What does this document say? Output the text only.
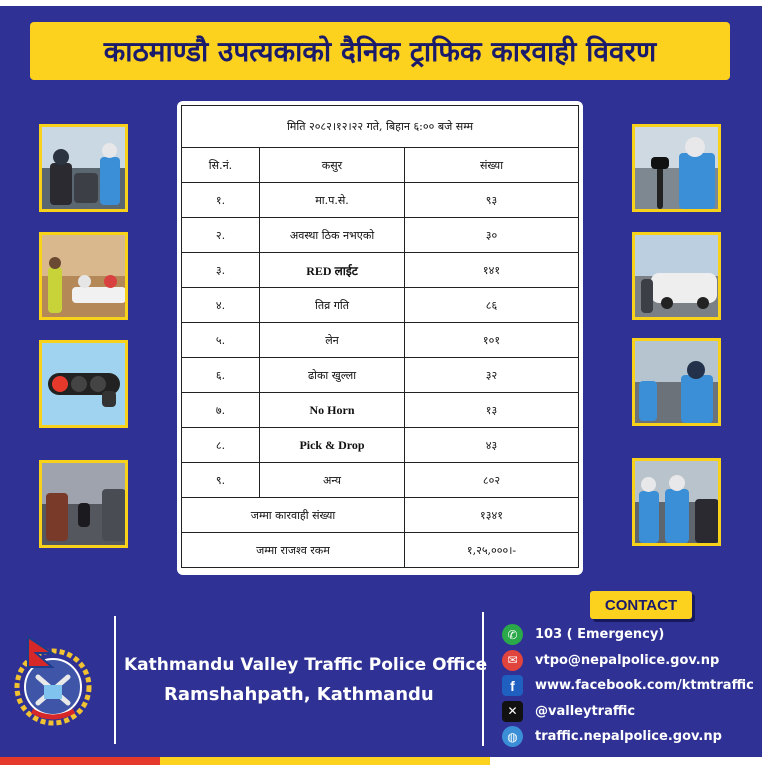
काठमाण्डौ उपत्यकाको दैनिक ट्राफिक कारवाही विवरण
मिति २०८२।१२।२२ गते, बिहान ६:०० बजे सम्म		
सि.नं.	कसुर	संख्या
१.	मा.प.से.	९३
२.	अवस्था ठिक नभएको	३०
३.	RED लाईट	१४१
४.	तिव्र गति	८६
५.	लेन	१०१
६.	ढोका खुल्ला	३२
७.	No Horn	१३
८.	Pick & Drop	४३
९.	अन्य	८०२
जम्मा कारवाही संख्या		१३४१
जम्मा राजश्व रकम		१,२५,०००।-
Kathmandu Valley Traffic Police Office
Ramshahpath, Kathmandu
CONTACT
✆	103 ( Emergency)
✉	vtpo@nepalpolice.gov.np
f	www.facebook.com/ktmtraffic
✕	@valleytraffic
◍	traffic.nepalpolice.gov.np
